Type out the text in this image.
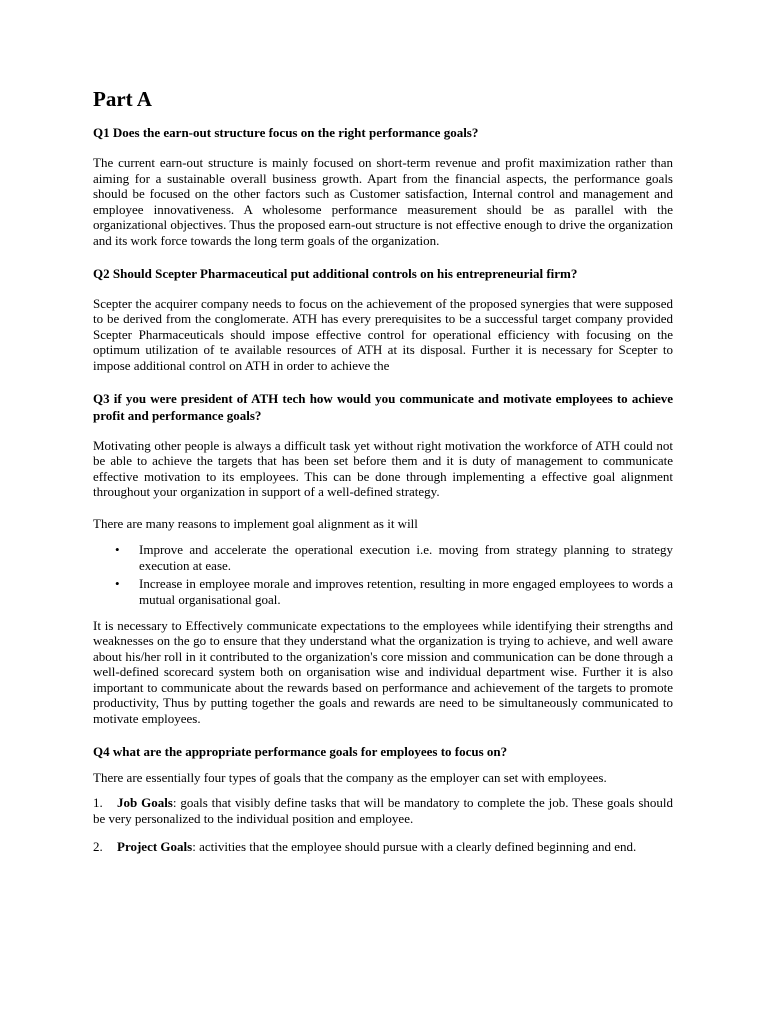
Part A
Q1 Does the earn-out structure focus on the right performance goals?

The current earn-out structure is mainly focused on short-term revenue and profit maximization rather than aiming for a sustainable overall business growth. Apart from the financial aspects, the performance goals should be focused on the other factors such as Customer satisfaction, Internal control and management and employee innovativeness. A wholesome performance measurement should be as parallel with the organizational objectives. Thus the proposed earn-out structure is not effective enough to drive the organization and its work force towards the long term goals of the organization.

Q2 Should Scepter Pharmaceutical put additional controls on his entrepreneurial firm?

Scepter the acquirer company needs to focus on the achievement of the proposed synergies that were supposed to be derived from the conglomerate. ATH has every prerequisites to be a successful target company provided Scepter Pharmaceuticals should impose effective control for operational efficiency with focusing on the optimum utilization of te available resources of ATH at its disposal. Further it is necessary for Scepter to impose additional control on ATH in order to achieve the

Q3 if you were president of ATH tech how would you communicate and motivate employees to achieve profit and performance goals?

Motivating other people is always a difficult task yet without right motivation the workforce of ATH could not be able to achieve the targets that has been set before them and it is duty of management to communicate effective motivation to its employees. This can be done through implementing a effective goal alignment throughout your organization in support of a well-defined strategy.

There are many reasons to implement goal alignment as it will

• Improve and accelerate the operational execution i.e. moving from strategy planning to strategy execution at ease.
• Increase in employee morale and improves retention, resulting in more engaged employees to words a mutual organisational goal.

It is necessary to Effectively communicate expectations to the employees while identifying their strengths and weaknesses on the go to ensure that they understand what the organization is trying to achieve, and well aware about his/her roll in it contributed to the organization's core mission and communication can be done through a well-defined scorecard system both on organisation wise and individual department wise. Further it is also important to communicate about the rewards based on performance and achievement of the targets to promote productivity, Thus by putting together the goals and rewards are need to be simultaneously communicated to motivate employees.

Q4 what are the appropriate performance goals for employees to focus on?

There are essentially four types of goals that the company as the employer can set with employees.

1. Job Goals: goals that visibly define tasks that will be mandatory to complete the job. These goals should be very personalized to the individual position and employee.

2. Project Goals: activities that the employee should pursue with a clearly defined beginning and end.
